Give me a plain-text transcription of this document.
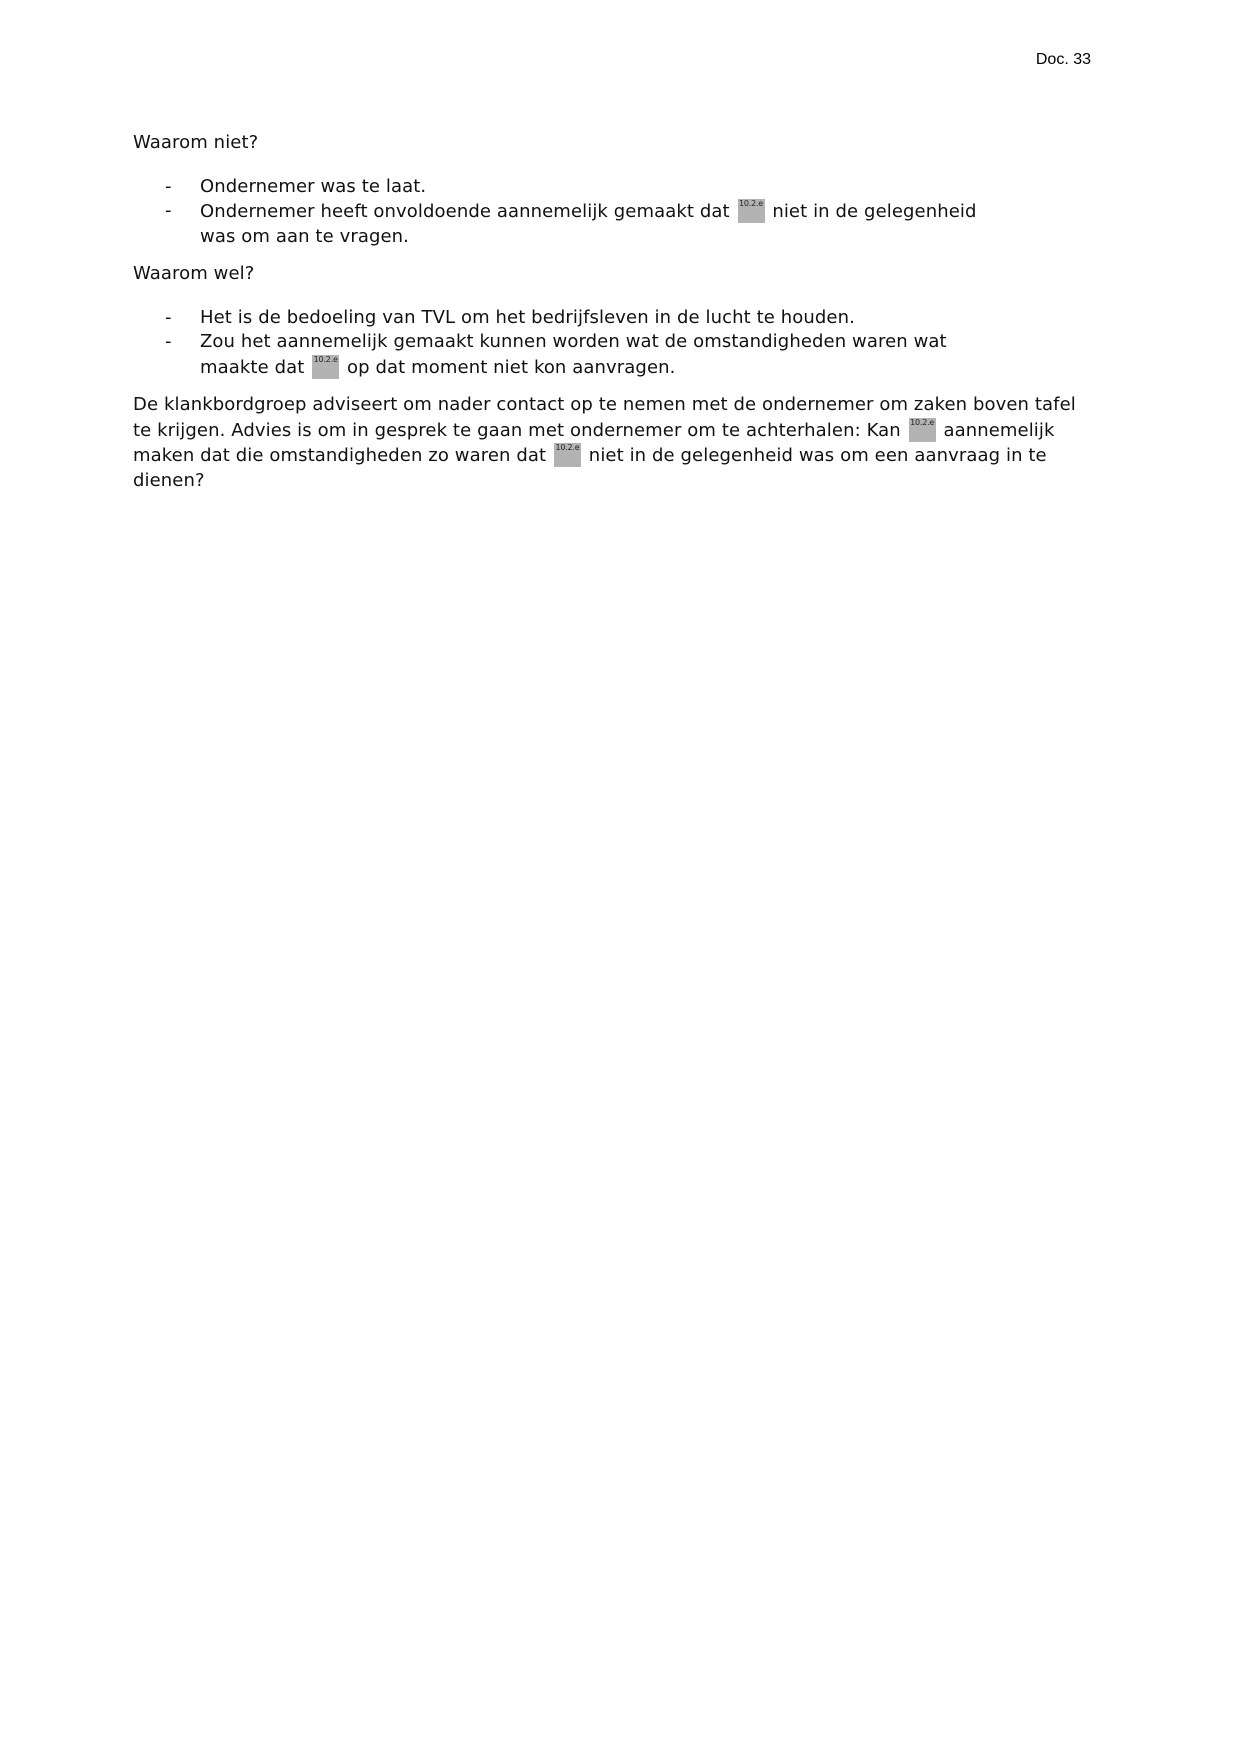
Doc. 33
Waarom niet?
- Ondernemer was te laat.
- Ondernemer heeft onvoldoende aannemelijk gemaakt dat 10.2.e niet in de gelegenheid was om aan te vragen.
Waarom wel?
- Het is de bedoeling van TVL om het bedrijfsleven in de lucht te houden.
- Zou het aannemelijk gemaakt kunnen worden wat de omstandigheden waren wat maakte dat 10.2.e op dat moment niet kon aanvragen.

De klankbordgroep adviseert om nader contact op te nemen met de ondernemer om zaken boven tafel te krijgen. Advies is om in gesprek te gaan met ondernemer om te achterhalen: Kan 10.2.e aannemelijk maken dat die omstandigheden zo waren dat 10.2.e niet in de gelegenheid was om een aanvraag in te dienen?
